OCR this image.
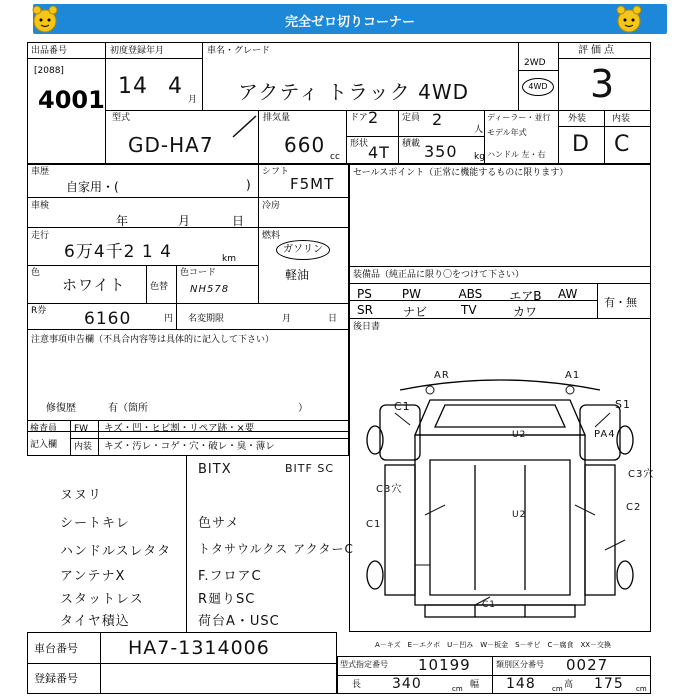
完全ゼロ切りコーナー
出品番号
[2088]
4001
初度登録年月
14 4
月
車名・グレード
アクティ トラック 4WD
2WD
4WD
評価点
3
型式
GD-HA7
排気量
660 cc
ドア 2	定員 2
人
形状 4T 積載 350 kg
ディーラー・並行
モデル年式
ハンドル 左・右
外装	内装
D C
車歴
自家用・(	)
シフト
F5MT
車検
年	月	日
冷房
走行
6万4千2 1 4	km
燃料
ガソリン
軽油
色
ホワイト	色替
色コード
NH578
R券 6160	円 名変期限	月	日
注意事項申告欄（不具合内容等は具体的に記入して下さい）
修復歴	有（箇所	）
検査員
記入欄
FW キズ・凹・ヒビ割・リペア跡・×要
内装 キズ・汚レ・コゲ・穴・破レ・臭・薄レ
BITX	BITF SC
ヌヌリ
シートキレ	色サメ
ハンドルスレタタ トタサウルクス アクターC
アンテナX	F.フロアC
スタットレス	R廻りSC
タイヤ積込	荷台A・USC
セールスポイント（正常に機能するものに限ります）
装備品（純正品に限り〇をつけて下さい）
PS	PW	ABS	エアB	AW
SR	ナビ	TV	カワ
有・無
後日書
AR	A1
C1	S1
U2	PA4
C3穴
C3穴
U2
C1
C2
C1
A－キズ　E－エクボ　U－凹み　W－板金　S－サビ　C－腐食　XX－交換
車台番号	HA7-1314006
登録番号
型式指定番号 10199	類別区分番号 0027
長 340	cm 幅 148 cm 高 175 cm
